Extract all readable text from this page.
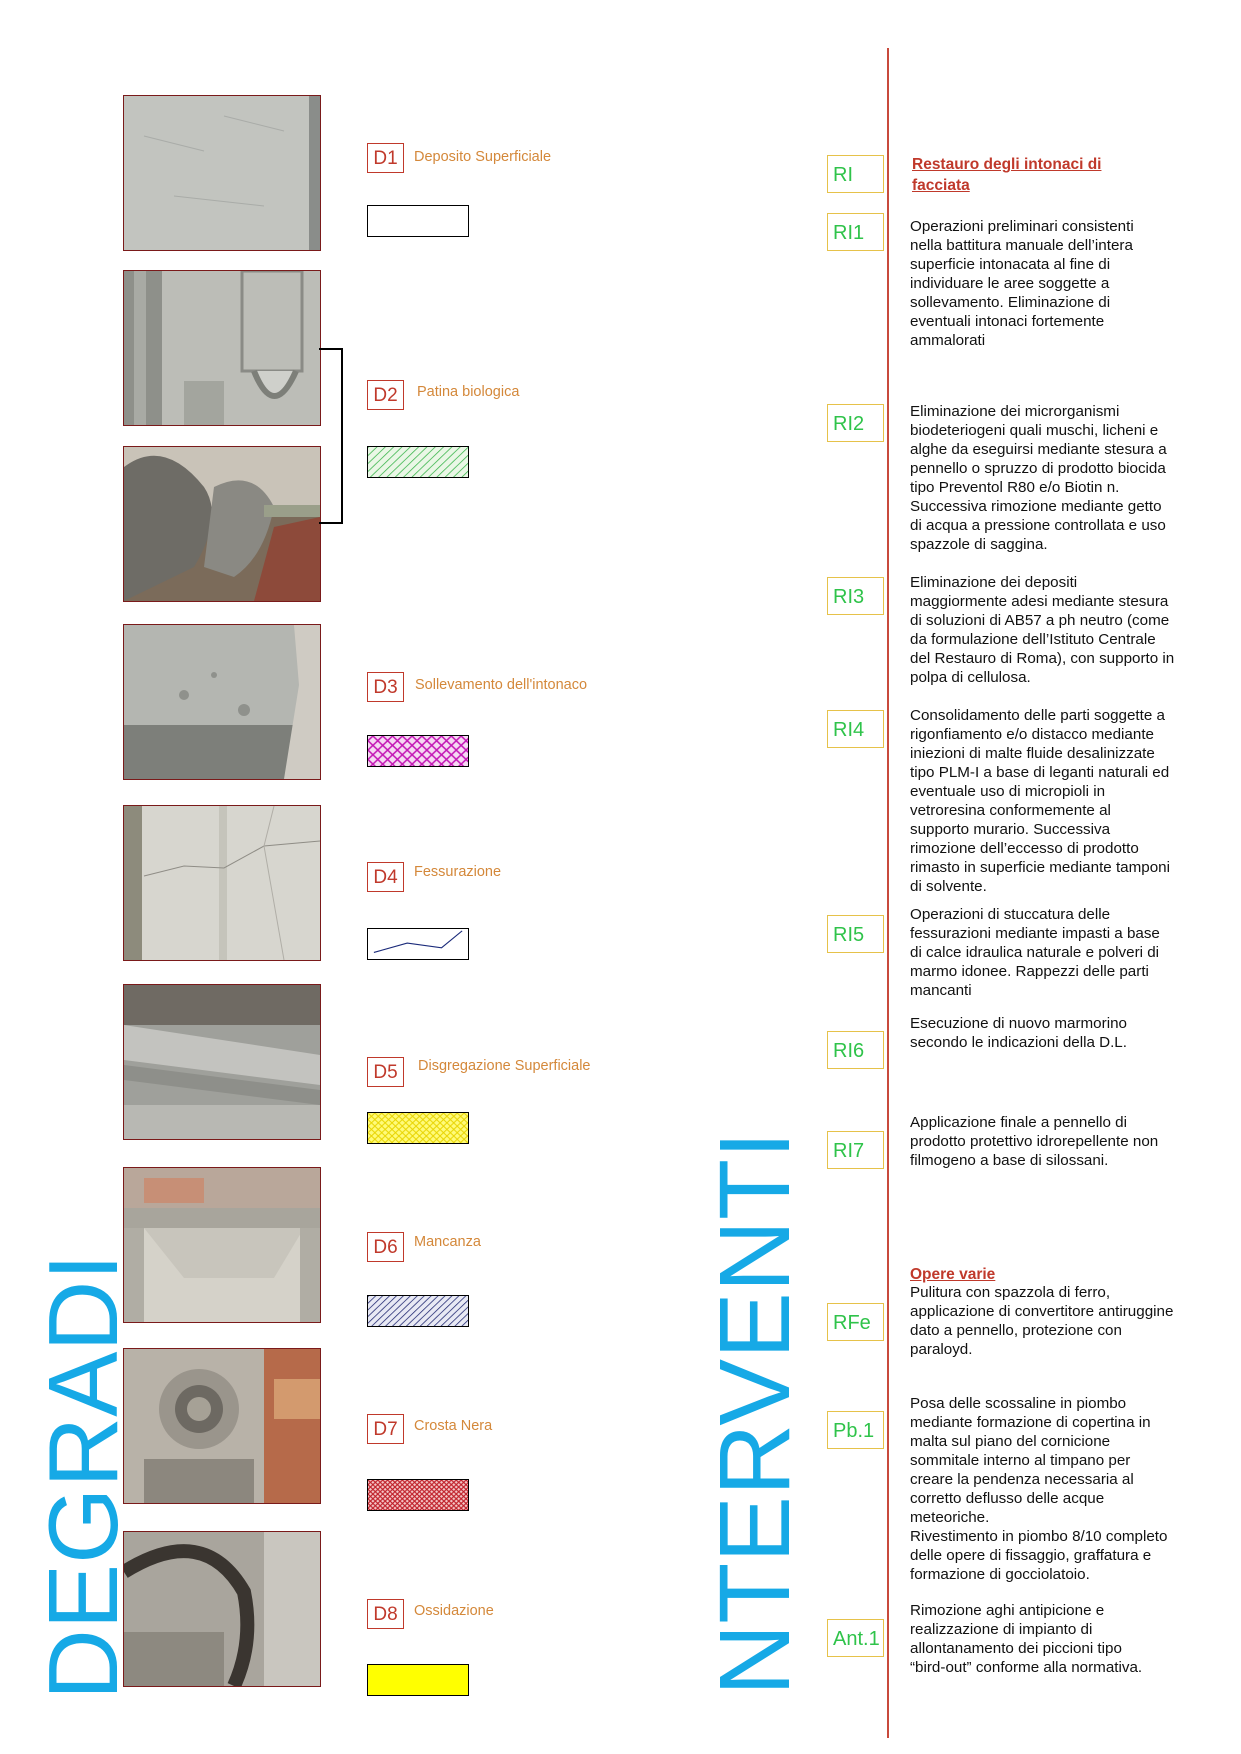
D1
D2
D3
D4
D5
D6
D7
D8
Deposito Superficiale
Patina biologica
Sollevamento dell'intonaco
Fessurazione
Disgregazione Superficiale
Mancanza
Crosta Nera
Ossidazione
DEGRADI	NTERVENTI
Restauro degli intonaci di
facciata
Opere varie
RI
RI1
RI2
RI3
RI4
RI5
RI6
RI7
RFe
Pb.1
Ant.1
Operazioni preliminari consistenti
nella battitura manuale dell’intera
superficie intonacata al fine di
individuare le aree soggette a
sollevamento. Eliminazione di
eventuali intonaci fortemente
ammalorati
Eliminazione dei microrganismi
biodeteriogeni quali muschi, licheni e
alghe da eseguirsi mediante stesura a
pennello o spruzzo di prodotto biocida
tipo Preventol R80 e/o Biotin n.
Successiva rimozione mediante getto
di acqua a pressione controllata e uso
spazzole di saggina.
Eliminazione dei depositi
maggiormente adesi mediante stesura
di soluzioni di AB57 a ph neutro (come
da formulazione dell’Istituto Centrale
del Restauro di Roma), con supporto in
polpa di cellulosa.
Consolidamento delle parti soggette a
rigonfiamento e/o distacco mediante
iniezioni di malte fluide desalinizzate
tipo PLM-I a base di leganti naturali ed
eventuale uso di micropioli in
vetroresina conformemente al
supporto murario. Successiva
rimozione dell’eccesso di prodotto
rimasto in superficie mediante tamponi
di solvente.
Operazioni di stuccatura delle
fessurazioni mediante impasti a base
di calce idraulica naturale e polveri di
marmo idonee. Rappezzi delle parti
mancanti
Esecuzione di nuovo marmorino
secondo le indicazioni della D.L.
Applicazione finale a pennello di
prodotto protettivo idrorepellente non
filmogeno a base di silossani.
Pulitura con spazzola di ferro,
applicazione di convertitore antiruggine
dato a pennello, protezione con
paraloyd.
Posa delle scossaline in piombo
mediante formazione di copertina in
malta sul piano del cornicione
sommitale interno al timpano per
creare la pendenza necessaria al
corretto deflusso delle acque
meteoriche.
Rivestimento in piombo 8/10 completo
delle opere di fissaggio, graffatura e
formazione di gocciolatoio.
Rimozione aghi antipicione e
realizzazione di impianto di
allontanamento dei piccioni tipo
“bird-out” conforme alla normativa.
